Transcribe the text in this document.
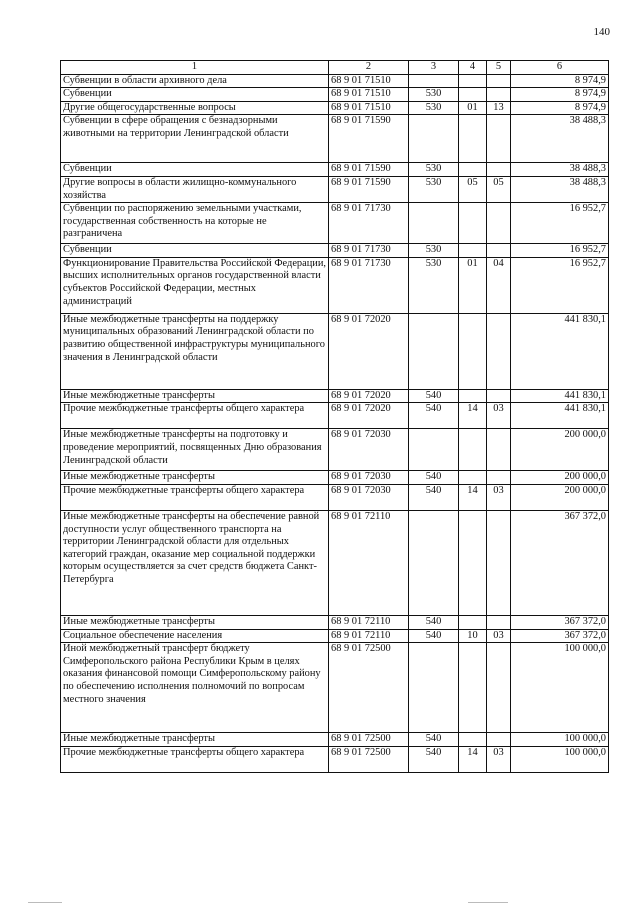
140
1	2	3	4	5	6
Субвенции в области архивного дела	68 9 01 71510				8 974,9
Субвенции	68 9 01 71510	530			8 974,9
Другие общегосударственные вопросы	68 9 01 71510	530	01	13	8 974,9
Субвенции в сфере обращения с безнадзорными животными на территории Ленинградской области	68 9 01 71590				38 488,3
Субвенции	68 9 01 71590	530			38 488,3
Другие вопросы в области жилищно-коммунального хозяйства	68 9 01 71590	530	05	05	38 488,3
Субвенции по распоряжению земельными участками, государственная собственность на которые не разграничена	68 9 01 71730				16 952,7
Субвенции	68 9 01 71730	530			16 952,7
Функционирование Правительства Российской Федерации, высших исполнительных органов государственной власти субъектов Российской Федерации, местных администраций	68 9 01 71730	530	01	04	16 952,7
Иные межбюджетные трансферты на поддержку муниципальных образований Ленинградской области по развитию общественной инфраструктуры муниципального значения в Ленинградской области	68 9 01 72020				441 830,1
Иные межбюджетные трансферты	68 9 01 72020	540			441 830,1
Прочие межбюджетные трансферты общего характера	68 9 01 72020	540	14	03	441 830,1
Иные межбюджетные трансферты на подготовку и проведение мероприятий, посвященных Дню образования Ленинградской области	68 9 01 72030				200 000,0
Иные межбюджетные трансферты	68 9 01 72030	540			200 000,0
Прочие межбюджетные трансферты общего характера	68 9 01 72030	540	14	03	200 000,0
Иные межбюджетные трансферты на обеспечение равной доступности услуг общественного транспорта на территории Ленинградской области для отдельных категорий граждан, оказание мер социальной поддержки которым осуществляется за счет средств бюджета Санкт-Петербурга	68 9 01 72110				367 372,0
Иные межбюджетные трансферты	68 9 01 72110	540			367 372,0
Социальное обеспечение населения	68 9 01 72110	540	10	03	367 372,0
Иной межбюджетный трансферт бюджету Симферопольского района Республики Крым в целях оказания финансовой помощи Симферопольскому району по обеспечению исполнения полномочий по вопросам местного значения	68 9 01 72500				100 000,0
Иные межбюджетные трансферты	68 9 01 72500	540			100 000,0
Прочие межбюджетные трансферты общего характера	68 9 01 72500	540	14	03	100 000,0
